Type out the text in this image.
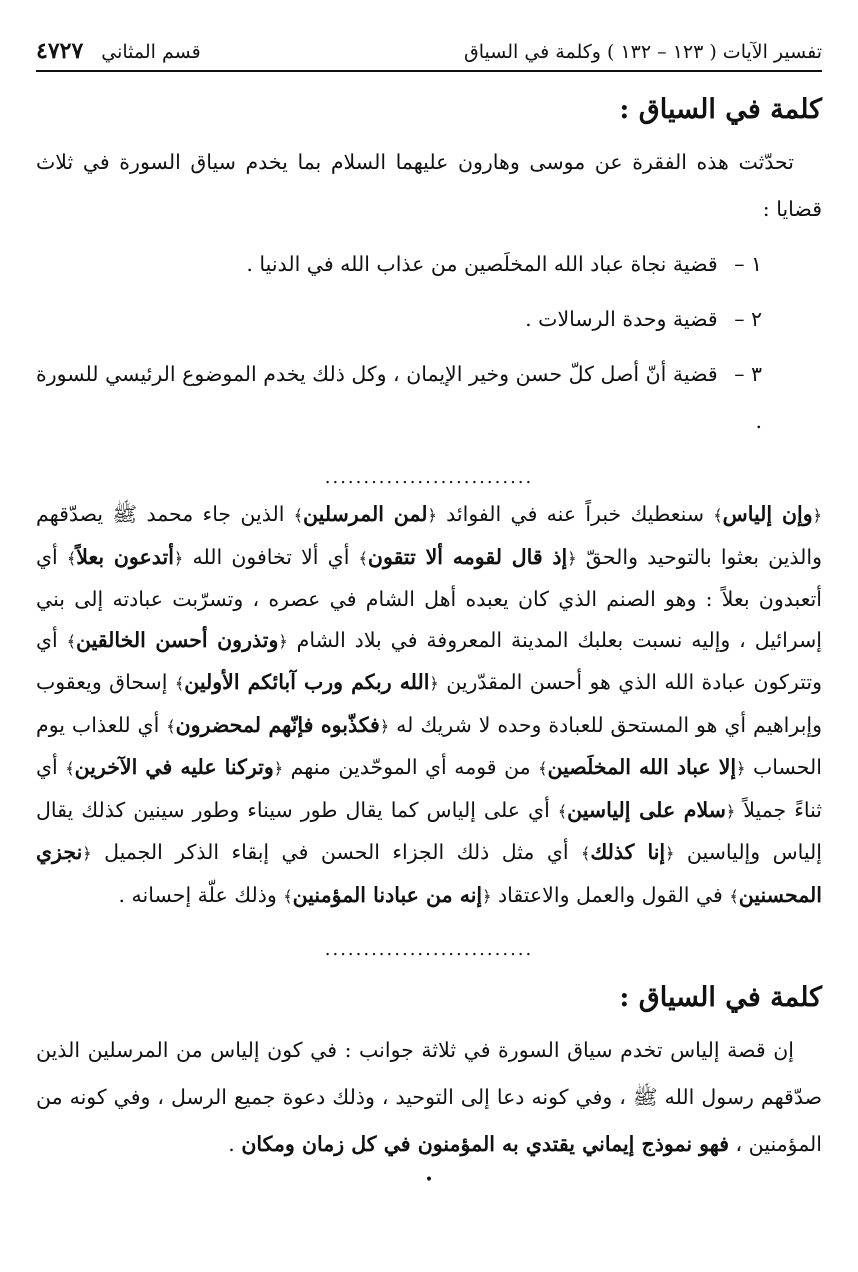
تفسير الآيات ( ١٢٣ – ١٣٢ ) وكلمة في السياق
قسم المثاني
٤٧٢٧
كلمة في السياق :

تحدّثت هذه الفقرة عن موسى وهارون عليهما السلام بما يخدم سياق السورة في ثلاث قضايا :

١ – قضية نجاة عباد الله المخلَصين من عذاب الله في الدنيا .

٢ – قضية وحدة الرسالات .

٣ – قضية أنّ أصل كلّ حسن وخير الإيمان ، وكل ذلك يخدم الموضوع الرئيسي للسورة .

...........................

﴿وإن إلياس﴾ سنعطيك خبراً عنه في الفوائد ﴿لمن المرسلين﴾ الذين جاء محمد ﷺ يصدّقهم والذين بعثوا بالتوحيد والحقّ ﴿إذ قال لقومه ألا تتقون﴾ أي ألا تخافون الله ﴿أتدعون بعلاً﴾ أي أتعبدون بعلاً : وهو الصنم الذي كان يعبده أهل الشام في عصره ، وتسرّبت عبادته إلى بني إسرائيل ، وإليه نسبت بعلبك المدينة المعروفة في بلاد الشام ﴿وتذرون أحسن الخالقين﴾ أي وتتركون عبادة الله الذي هو أحسن المقدّرين ﴿الله ربكم ورب آبائكم الأولين﴾ إسحاق ويعقوب وإبراهيم أي هو المستحق للعبادة وحده لا شريك له ﴿فكذّبوه فإنّهم لمحضرون﴾ أي للعذاب يوم الحساب ﴿إلا عباد الله المخلَصين﴾ من قومه أي الموحّدين منهم ﴿وتركنا عليه في الآخرين﴾ أي ثناءً جميلاً ﴿سلام على إلياسين﴾ أي على إلياس كما يقال طور سيناء وطور سينين كذلك يقال إلياس وإلياسين ﴿إنا كذلك﴾ أي مثل ذلك الجزاء الحسن في إبقاء الذكر الجميل ﴿نجزي المحسنين﴾ في القول والعمل والاعتقاد ﴿إنه من عبادنا المؤمنين﴾ وذلك علّة إحسانه .

...........................
كلمة في السياق :

إن قصة إلياس تخدم سياق السورة في ثلاثة جوانب : في كون إلياس من المرسلين الذين صدّقهم رسول الله ﷺ ، وفي كونه دعا إلى التوحيد ، وذلك دعوة جميع الرسل ، وفي كونه من المؤمنين ، فهو نموذج إيماني يقتدي به المؤمنون في كل زمان ومكان .

•
